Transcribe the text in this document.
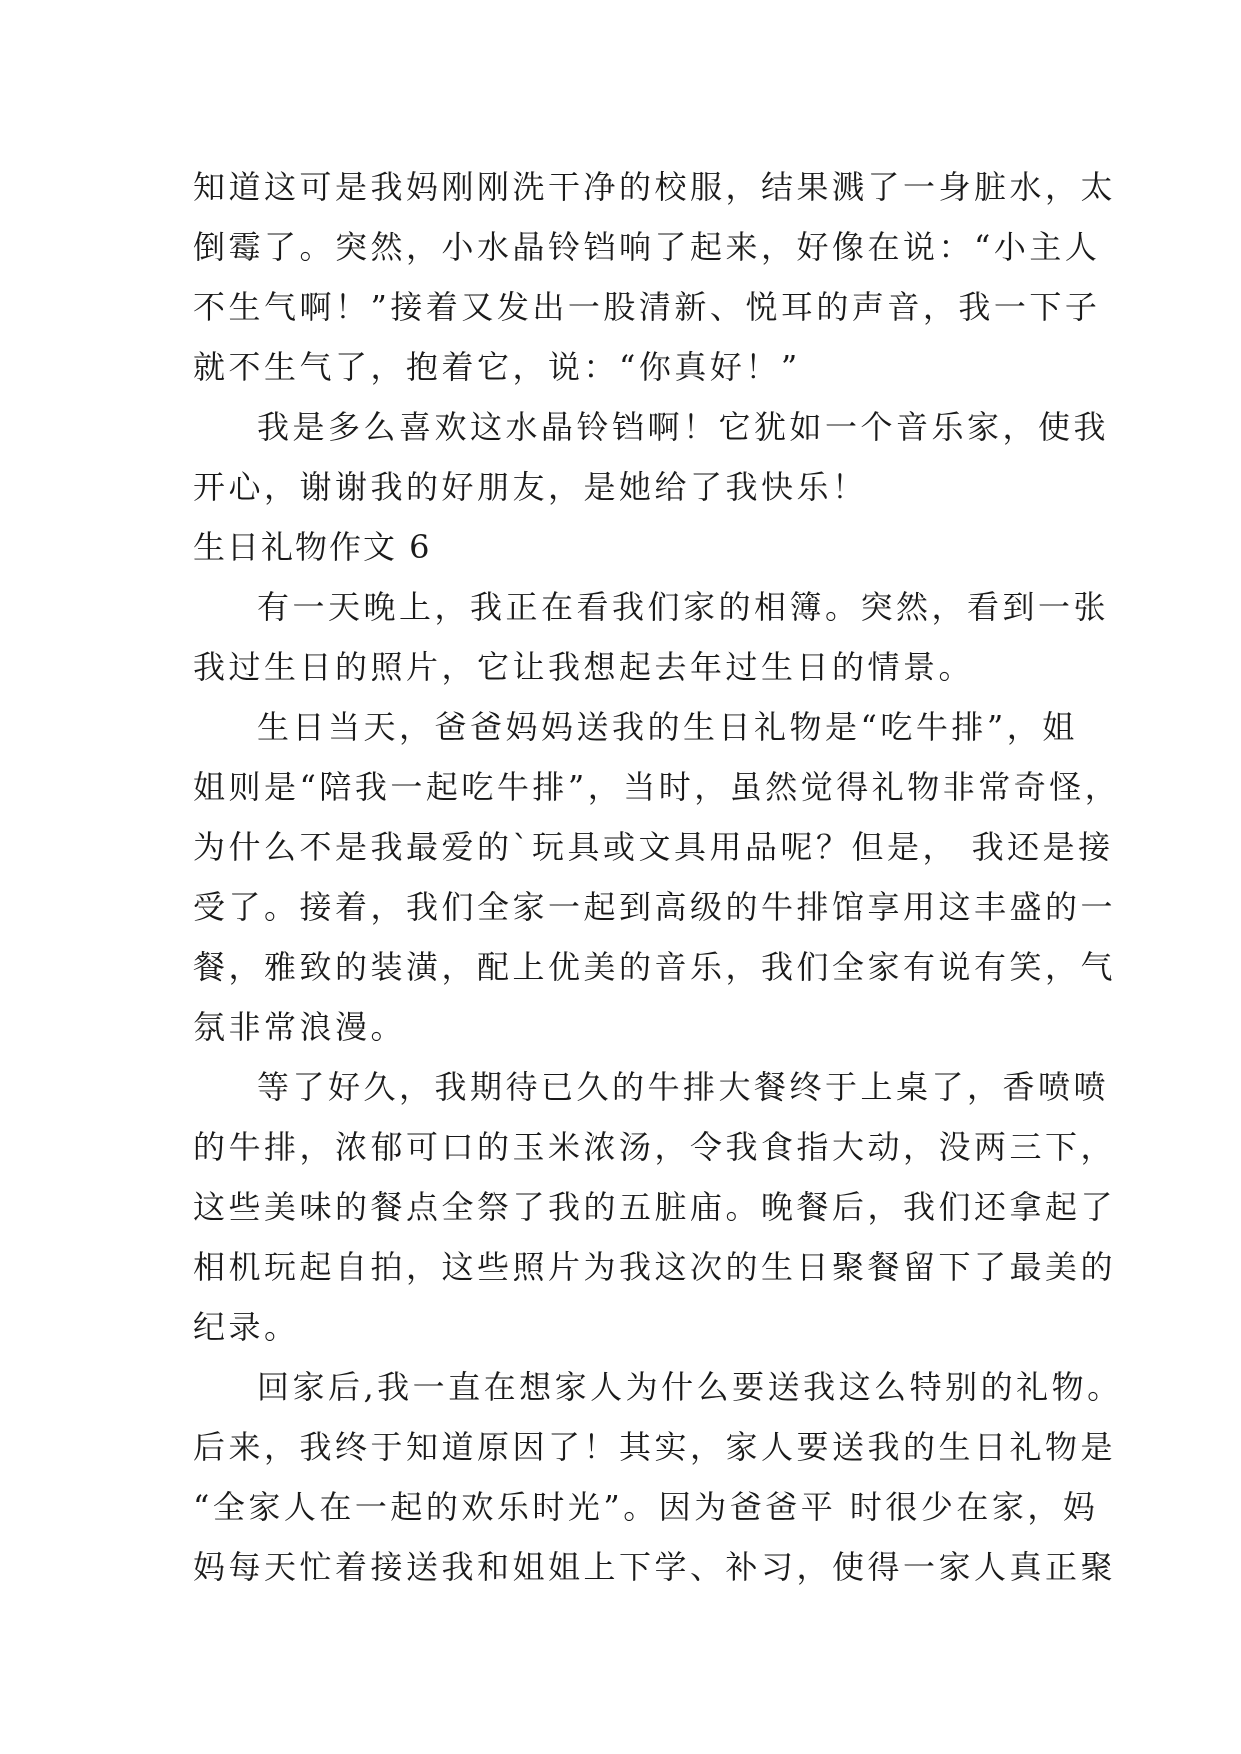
知道这可是我妈刚刚洗干净的校服，结果溅了一身脏水，太
倒霉了。突然，小水晶铃铛响了起来，好像在说：“小主人
不生气啊！”接着又发出一股清新、悦耳的声音，我一下子
就不生气了，抱着它，说：“你真好！”
我是多么喜欢这水晶铃铛啊！它犹如一个音乐家，使我
开心，谢谢我的好朋友，是她给了我快乐！
生日礼物作文 6
有一天晚上，我正在看我们家的相簿。突然，看到一张
我过生日的照片，它让我想起去年过生日的情景。
生日当天，爸爸妈妈送我的生日礼物是“吃牛排”，姐
姐则是“陪我一起吃牛排”，当时，虽然觉得礼物非常奇怪，
为什么不是我最爱的`玩具或文具用品呢？但是， 我还是接
受了。接着，我们全家一起到高级的牛排馆享用这丰盛的一
餐，雅致的装潢，配上优美的音乐，我们全家有说有笑，气
氛非常浪漫。
等了好久，我期待已久的牛排大餐终于上桌了，香喷喷
的牛排，浓郁可口的玉米浓汤，令我食指大动，没两三下，
这些美味的餐点全祭了我的五脏庙。晚餐后，我们还拿起了
相机玩起自拍，这些照片为我这次的生日聚餐留下了最美的
纪录。
回家后,我一直在想家人为什么要送我这么特别的礼物。
后来，我终于知道原因了！其实，家人要送我的生日礼物是
“全家人在一起的欢乐时光”。因为爸爸平 时很少在家，妈
妈每天忙着接送我和姐姐上下学、补习，使得一家人真正聚
